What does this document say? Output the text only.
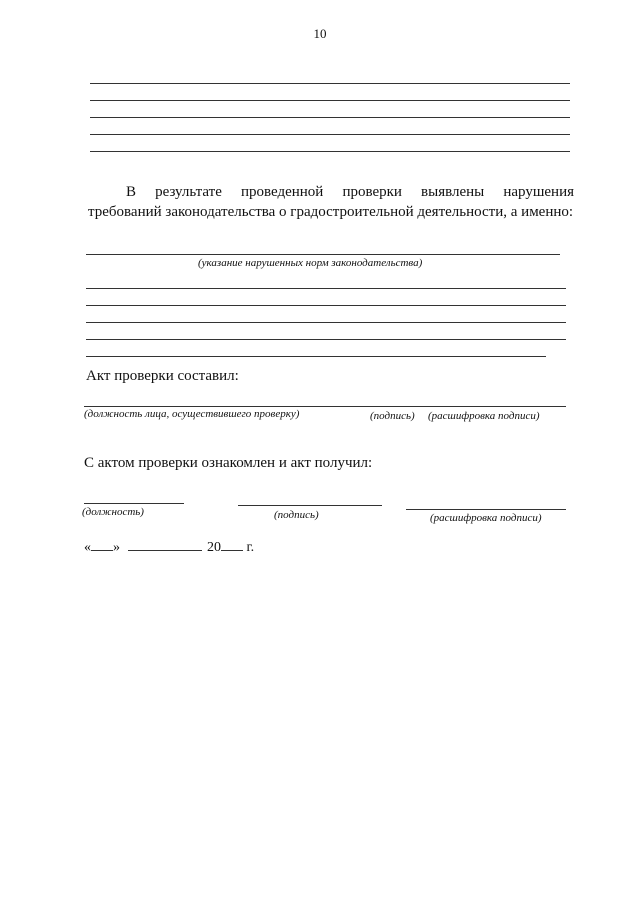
10
В результате проведенной проверки выявлены нарушения
требований законодательства о градостроительной деятельности, а именно:
(указание нарушенных норм законодательства)
Акт проверки составил:
(должность лица, осуществившего проверку)	(подпись) (расшифровка подписи)
С актом проверки ознакомлен и акт получил:
(должность)	(подпись)	(расшифровка подписи)
« »	20 г.
